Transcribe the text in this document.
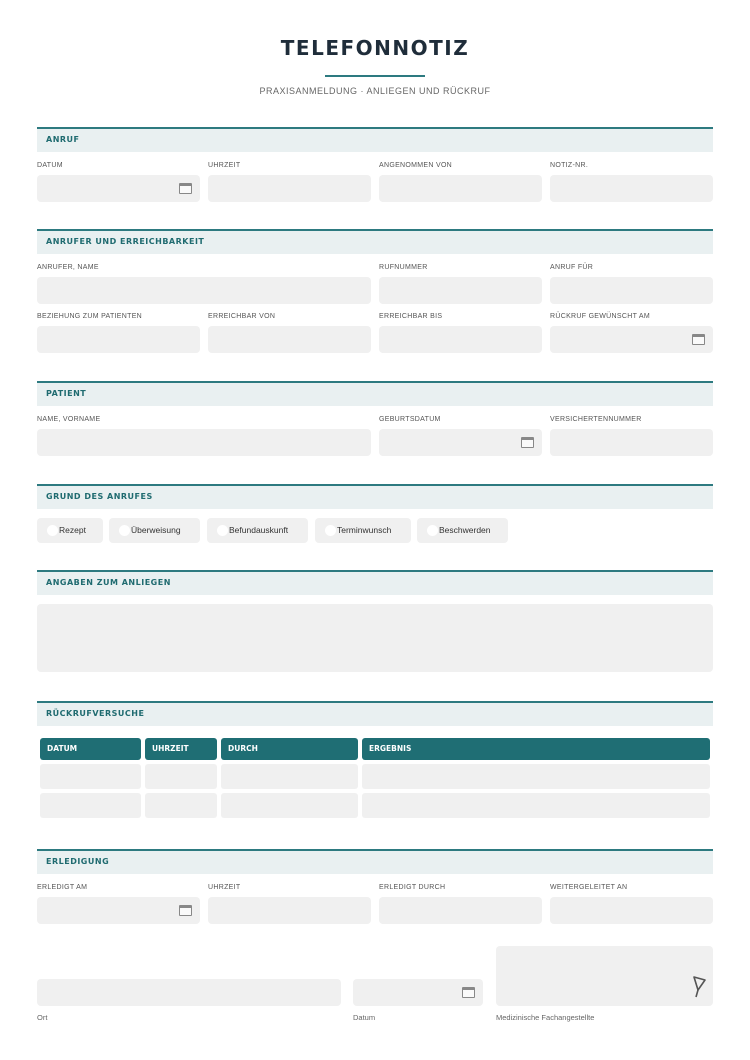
TELEFONNOTIZ
PRAXISANMELDUNG · ANLIEGEN UND RÜCKRUF
ANRUF
DATUM	UHRZEIT	ANGENOMMEN VON	NOTIZ-NR.
ANRUFER UND ERREICHBARKEIT
ANRUFER, NAME	RUFNUMMER	ANRUF FÜR
BEZIEHUNG ZUM PATIENTEN	ERREICHBAR VON	ERREICHBAR BIS	RÜCKRUF GEWÜNSCHT AM
PATIENT
NAME, VORNAME	GEBURTSDATUM	VERSICHERTENNUMMER
GRUND DES ANRUFES
Rezept	Überweisung	Befundauskunft	Terminwunsch	Beschwerden
ANGABEN ZUM ANLIEGEN
RÜCKRUFVERSUCHE
DATUM	UHRZEIT	DURCH	ERGEBNIS
ERLEDIGUNG
ERLEDIGT AM	UHRZEIT	ERLEDIGT DURCH	WEITERGELEITET AN
Ort	Datum	Medizinische Fachangestellte
